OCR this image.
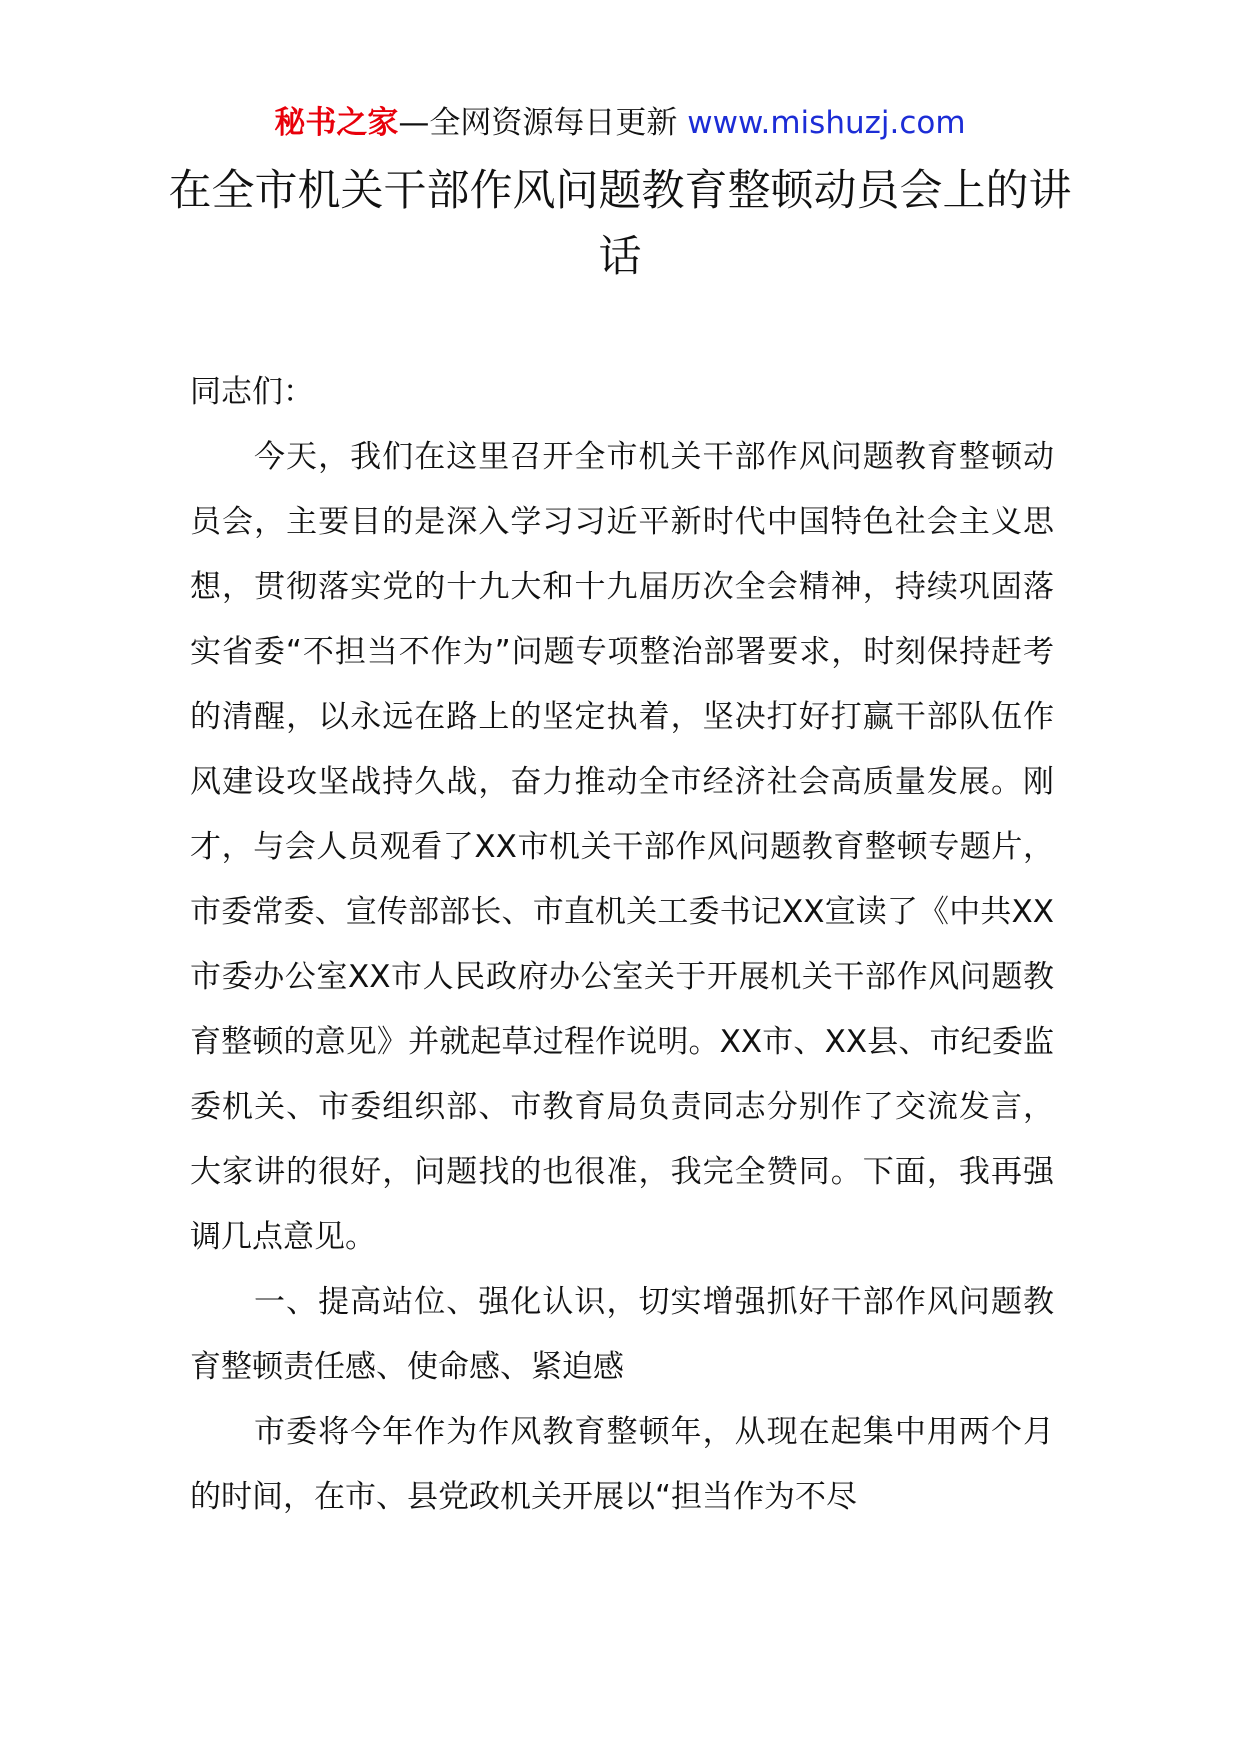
秘书之家—全网资源每日更新 www.mishuzj.com
在全市机关干部作风问题教育整顿动员会上的讲话

同志们：

今天，我们在这里召开全市机关干部作风问题教育整顿动员会，主要目的是深入学习习近平新时代中国特色社会主义思想，贯彻落实党的十九大和十九届历次全会精神，持续巩固落实省委“不担当不作为”问题专项整治部署要求，时刻保持赶考的清醒，以永远在路上的坚定执着，坚决打好打赢干部队伍作风建设攻坚战持久战，奋力推动全市经济社会高质量发展。刚才，与会人员观看了XX市机关干部作风问题教育整顿专题片，市委常委、宣传部部长、市直机关工委书记XX宣读了《中共XX市委办公室XX市人民政府办公室关于开展机关干部作风问题教育整顿的意见》并就起草过程作说明。XX市、XX县、市纪委监委机关、市委组织部、市教育局负责同志分别作了交流发言，大家讲的很好，问题找的也很准，我完全赞同。下面，我再强调几点意见。

一、提高站位、强化认识，切实增强抓好干部作风问题教育整顿责任感、使命感、紧迫感

市委将今年作为作风教育整顿年，从现在起集中用两个月的时间，在市、县党政机关开展以“担当作为不尽
